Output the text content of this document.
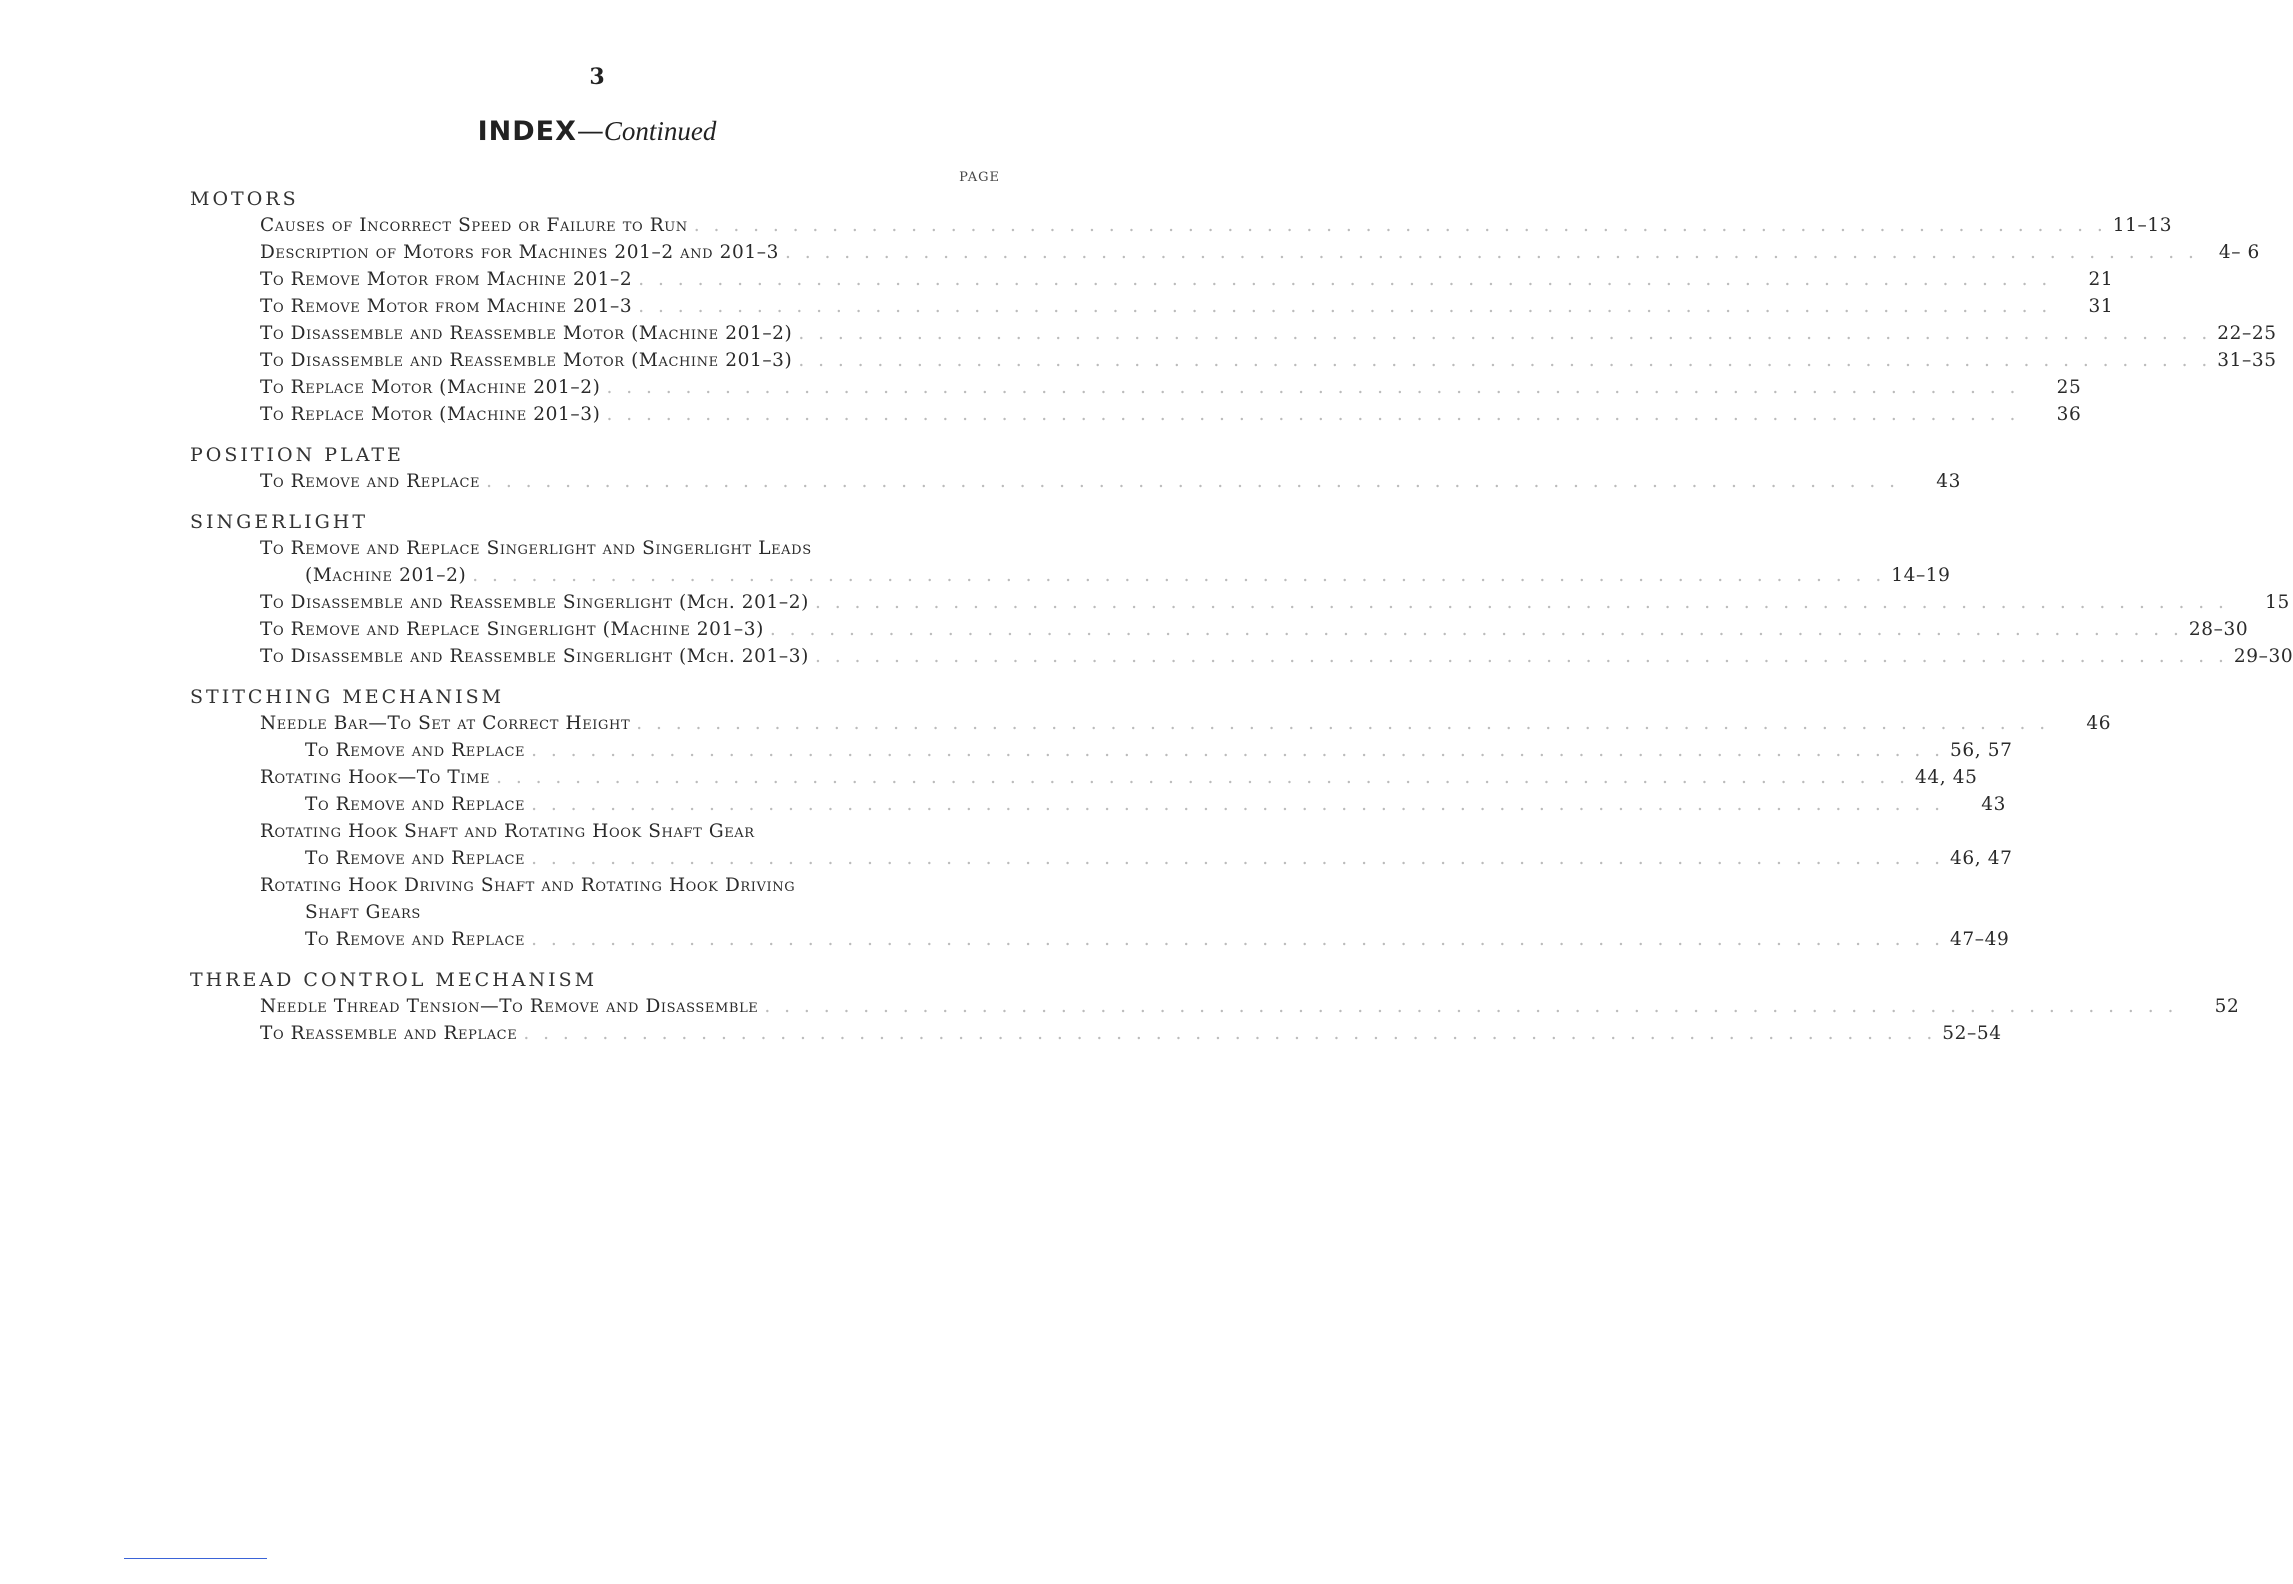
3
INDEX—Continued
PAGE
MOTORS
Causes of Incorrect Speed or Failure to Run . . . . . . . . . . . . . . . . . . . . . . . . . . . . . . . . . . . . . . . . . . . . . . . . . . . . . . . . . . . . . . . . . . . . . . . . 11–13
Description of Motors for Machines 201–2 and 201–3 . . . . . . . . . . . . . . . . . . . . . . . . . . . . . . . . . . . . . . . . . . . . . . . . . . . . . . . . . . . . . . . . . . . . . . . .	4– 6
To Remove Motor from Machine 201–2 . . . . . . . . . . . . . . . . . . . . . . . . . . . . . . . . . . . . . . . . . . . . . . . . . . . . . . . . . . . . . . . . . . . . . . . .	21
To Remove Motor from Machine 201–3 . . . . . . . . . . . . . . . . . . . . . . . . . . . . . . . . . . . . . . . . . . . . . . . . . . . . . . . . . . . . . . . . . . . . . . . .	31
To Disassemble and Reassemble Motor (Machine 201–2) . . . . . . . . . . . . . . . . . . . . . . . . . . . . . . . . . . . . . . . . . . . . . . . . . . . . . . . . . . . . . . . . . . . . . . . . 22–25
To Disassemble and Reassemble Motor (Machine 201–3) . . . . . . . . . . . . . . . . . . . . . . . . . . . . . . . . . . . . . . . . . . . . . . . . . . . . . . . . . . . . . . . . . . . . . . . . 31–35
To Replace Motor (Machine 201–2) . . . . . . . . . . . . . . . . . . . . . . . . . . . . . . . . . . . . . . . . . . . . . . . . . . . . . . . . . . . . . . . . . . . . . . . .	25
To Replace Motor (Machine 201–3) . . . . . . . . . . . . . . . . . . . . . . . . . . . . . . . . . . . . . . . . . . . . . . . . . . . . . . . . . . . . . . . . . . . . . . . .	36
POSITION PLATE
To Remove and Replace . . . . . . . . . . . . . . . . . . . . . . . . . . . . . . . . . . . . . . . . . . . . . . . . . . . . . . . . . . . . . . . . . . . . . . . .	43
SINGERLIGHT
To Remove and Replace Singerlight and Singerlight Leads
(Machine 201–2) . . . . . . . . . . . . . . . . . . . . . . . . . . . . . . . . . . . . . . . . . . . . . . . . . . . . . . . . . . . . . . . . . . . . . . . . 14–19
To Disassemble and Reassemble Singerlight (Mch. 201–2) . . . . . . . . . . . . . . . . . . . . . . . . . . . . . . . . . . . . . . . . . . . . . . . . . . . . . . . . . . . . . . . . . . . . . . . .	15
To Remove and Replace Singerlight (Machine 201–3) . . . . . . . . . . . . . . . . . . . . . . . . . . . . . . . . . . . . . . . . . . . . . . . . . . . . . . . . . . . . . . . . . . . . . . . . 28–30
To Disassemble and Reassemble Singerlight (Mch. 201–3) . . . . . . . . . . . . . . . . . . . . . . . . . . . . . . . . . . . . . . . . . . . . . . . . . . . . . . . . . . . . . . . . . . . . . . . . 29–30
STITCHING MECHANISM
Needle Bar—To Set at Correct Height . . . . . . . . . . . . . . . . . . . . . . . . . . . . . . . . . . . . . . . . . . . . . . . . . . . . . . . . . . . . . . . . . . . . . . . .	46
To Remove and Replace . . . . . . . . . . . . . . . . . . . . . . . . . . . . . . . . . . . . . . . . . . . . . . . . . . . . . . . . . . . . . . . . . . . . . . . . 56, 57
Rotating Hook—To Time . . . . . . . . . . . . . . . . . . . . . . . . . . . . . . . . . . . . . . . . . . . . . . . . . . . . . . . . . . . . . . . . . . . . . . . . 44, 45
To Remove and Replace . . . . . . . . . . . . . . . . . . . . . . . . . . . . . . . . . . . . . . . . . . . . . . . . . . . . . . . . . . . . . . . . . . . . . . . .	43
Rotating Hook Shaft and Rotating Hook Shaft Gear
To Remove and Replace . . . . . . . . . . . . . . . . . . . . . . . . . . . . . . . . . . . . . . . . . . . . . . . . . . . . . . . . . . . . . . . . . . . . . . . . 46, 47
Rotating Hook Driving Shaft and Rotating Hook Driving
Shaft Gears
To Remove and Replace . . . . . . . . . . . . . . . . . . . . . . . . . . . . . . . . . . . . . . . . . . . . . . . . . . . . . . . . . . . . . . . . . . . . . . . . 47–49
THREAD CONTROL MECHANISM
Needle Thread Tension—To Remove and Disassemble . . . . . . . . . . . . . . . . . . . . . . . . . . . . . . . . . . . . . . . . . . . . . . . . . . . . . . . . . . . . . . . . . . . . . . . .	52
To Reassemble and Replace . . . . . . . . . . . . . . . . . . . . . . . . . . . . . . . . . . . . . . . . . . . . . . . . . . . . . . . . . . . . . . . . . . . . . . . . 52–54
